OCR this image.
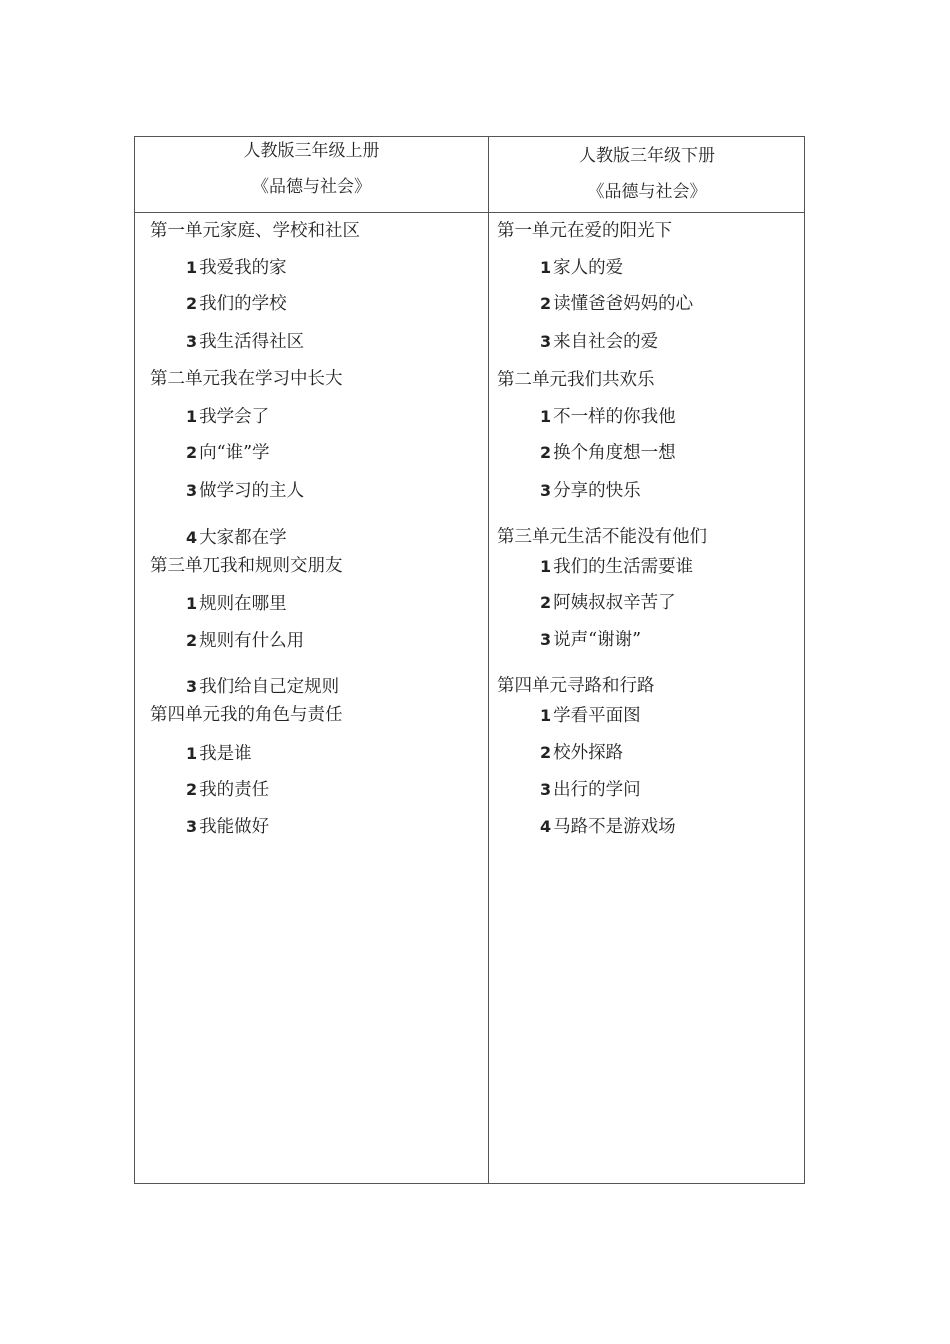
人教版三年级上册
《品德与社会》
人教版三年级下册
《品德与社会》
第一单元家庭、学校和社区
1 我爱我的家
2 我们的学校
3 我生活得社区
第二单元我在学习中长大
1 我学会了
2 向“谁”学
3 做学习的主人
4 大家都在学
第三单兀我和规则交朋友
1 规则在哪里
2 规则有什么用
3 我们给自己定规则
第四单元我的角色与责任
1 我是谁
2 我的责任
3 我能做好
第一单元在爱的阳光下
1 家人的爱
2 读懂爸爸妈妈的心
3 来自社会的爱
第二单元我们共欢乐
1 不一样的你我他
2 换个角度想一想
3 分享的快乐
第三单元生活不能没有他们
1 我们的生活需要谁
2 阿姨叔叔辛苦了
3 说声“谢谢”
第四单元寻路和行路
1 学看平面图
2 校外探路
3 出行的学问
4 马路不是游戏场
